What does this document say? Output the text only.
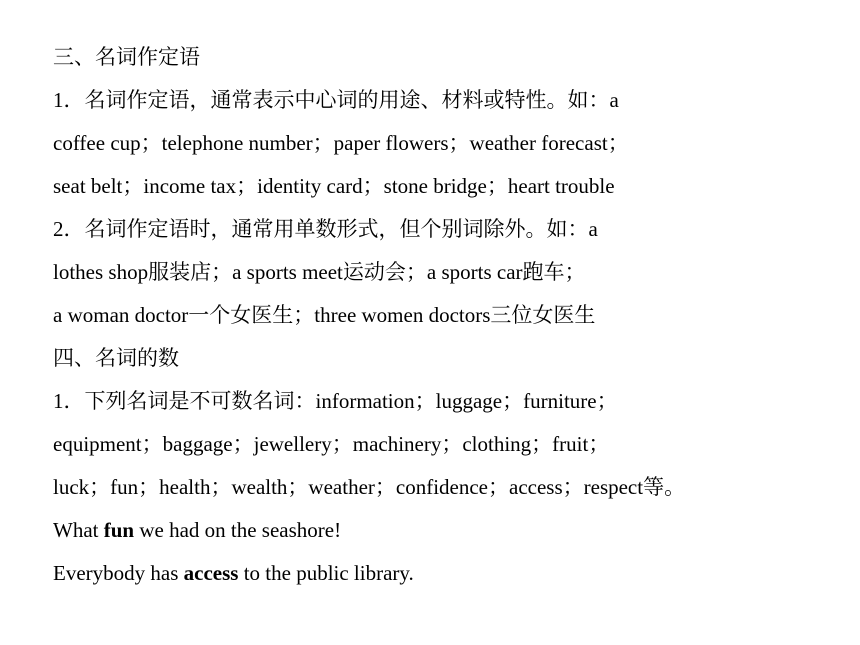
三、名词作定语
1．名词作定语，通常表示中心词的用途、材料或特性。如：a
coffee cup；telephone number；paper flowers；weather forecast；
seat belt；income tax；identity card；stone bridge；heart trouble
2．名词作定语时，通常用单数形式，但个别词除外。如：a
lothes shop服装店；a sports meet运动会；a sports car跑车；
a woman doctor一个女医生；three women doctors三位女医生
四、名词的数
1．下列名词是不可数名词：information；luggage；furniture；
equipment；baggage；jewellery；machinery；clothing；fruit；
luck；fun；health；wealth；weather；confidence；access；respect等。
What fun we had on the seashore!
Everybody has access to the public library.
